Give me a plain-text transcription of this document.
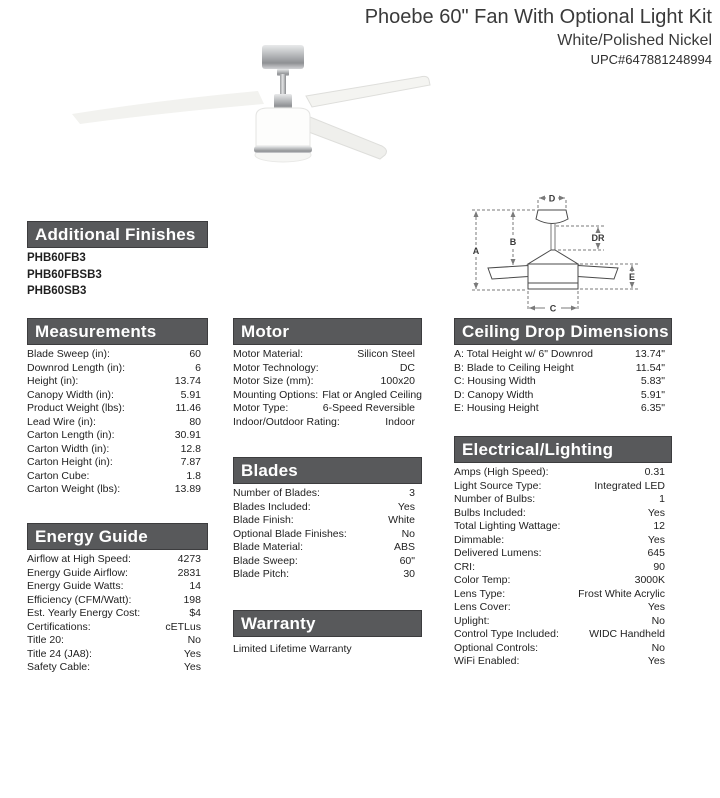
Phoebe 60" Fan With Optional Light Kit
White/Polished Nickel
UPC#647881248994
D
A
B	DR
E
C
Additional Finishes
PHB60FB3
PHB60FBSB3
PHB60SB3
Measurements
Blade Sweep (in):	60
Downrod Length (in):	6
Height (in):	13.74
Canopy Width (in):	5.91
Product Weight (lbs):	11.46
Lead Wire (in):	80
Carton Length (in):	30.91
Carton Width (in):	12.8
Carton Height (in):	7.87
Carton Cube:	1.8
Carton Weight (lbs):	13.89
Energy Guide
Airflow at High Speed:	4273
Energy Guide Airflow:	2831
Energy Guide Watts:	14
Efficiency (CFM/Watt):	198
Est. Yearly Energy Cost:	$4
Certifications:	cETLus
Title 20:	No
Title 24 (JA8):	Yes
Safety Cable:	Yes
Motor
Motor Material:	Silicon Steel
Motor Technology:	DC
Motor Size (mm):	100x20
Mounting Options: Flat or Angled Ceiling
Motor Type:	6-Speed Reversible
Indoor/Outdoor Rating:	Indoor
Blades
Number of Blades:	3
Blades Included:	Yes
Blade Finish:	White
Optional Blade Finishes:	No
Blade Material:	ABS
Blade Sweep:	60"
Blade Pitch:	30
Warranty
Limited Lifetime Warranty
Ceiling Drop Dimensions
A: Total Height w/ 6" Downrod	13.74"
B: Blade to Ceiling Height	11.54"
C: Housing Width	5.83"
D: Canopy Width	5.91"
E: Housing Height	6.35"
Electrical/Lighting
Amps (High Speed):	0.31
Light Source Type:	Integrated LED
Number of Bulbs:	1
Bulbs Included:	Yes
Total Lighting Wattage:	12
Dimmable:	Yes
Delivered Lumens:	645
CRI:	90
Color Temp:	3000K
Lens Type:	Frost White Acrylic
Lens Cover:	Yes
Uplight:	No
Control Type Included:	WIDC Handheld
Optional Controls:	No
WiFi Enabled:	Yes
